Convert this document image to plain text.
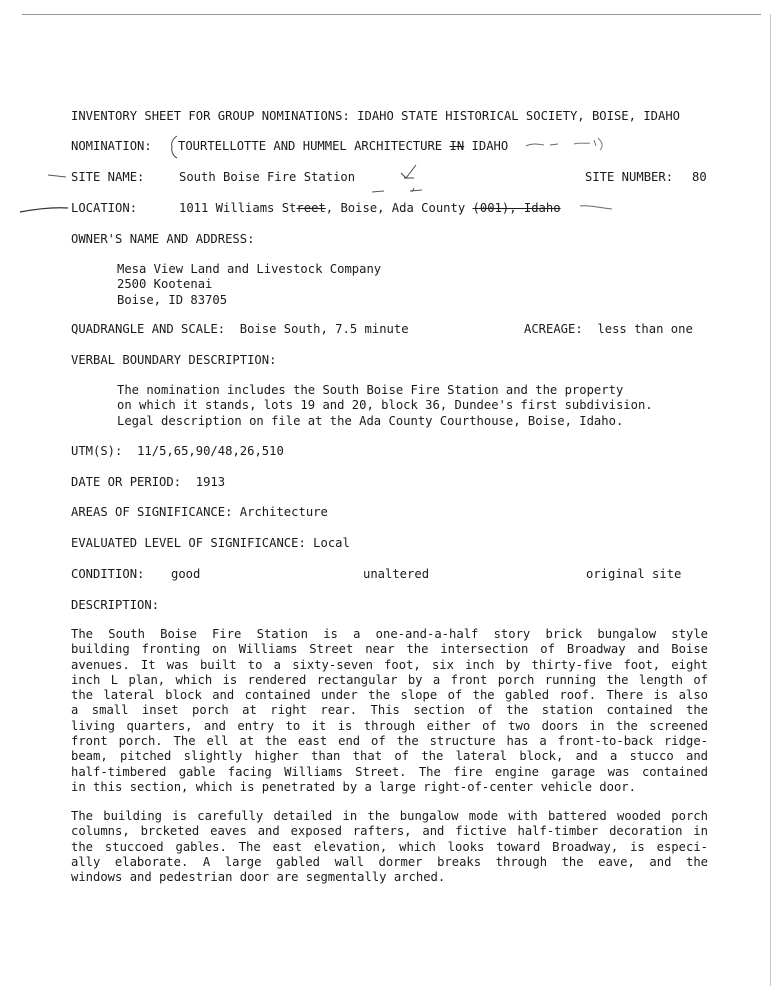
INVENTORY SHEET FOR GROUP NOMINATIONS: IDAHO STATE HISTORICAL SOCIETY, BOISE, IDAHO
NOMINATION: TOURTELLOTTE AND HUMMEL ARCHITECTURE IN IDAHO
SITE NAME:	South Boise Fire Station	SITE NUMBER: 80
LOCATION:	1011 Williams Street, Boise, Ada County (001), Idaho
OWNER'S NAME AND ADDRESS:
Mesa View Land and Livestock Company
2500 Kootenai
Boise, ID 83705
QUADRANGLE AND SCALE: Boise South, 7.5 minute	ACREAGE: less than one
VERBAL BOUNDARY DESCRIPTION:
The nomination includes the South Boise Fire Station and the property
on which it stands, lots 19 and 20, block 36, Dundee's first subdivision.
Legal description on file at the Ada County Courthouse, Boise, Idaho.
UTM(S): 11/5,65,90/48,26,510
DATE OR PERIOD: 1913
AREAS OF SIGNIFICANCE: Architecture
EVALUATED LEVEL OF SIGNIFICANCE: Local
CONDITION: good	unaltered	original site
DESCRIPTION:
The South Boise Fire Station is a one-and-a-half story brick bungalow style
building fronting on Williams Street near the intersection of Broadway and Boise
avenues. It was built to a sixty-seven foot, six inch by thirty-five foot, eight
inch L plan, which is rendered rectangular by a front porch running the length of
the lateral block and contained under the slope of the gabled roof. There is also
a small inset porch at right rear. This section of the station contained the
living quarters, and entry to it is through either of two doors in the screened
front porch. The ell at the east end of the structure has a front-to-back ridge-
beam, pitched slightly higher than that of the lateral block, and a stucco and
half-timbered gable facing Williams Street. The fire engine garage was contained
in this section, which is penetrated by a large right-of-center vehicle door.
The building is carefully detailed in the bungalow mode with battered wooded porch
columns, brcketed eaves and exposed rafters, and fictive half-timber decoration in
the stuccoed gables. The east elevation, which looks toward Broadway, is especi-
ally elaborate. A large gabled wall dormer breaks through the eave, and the
windows and pedestrian door are segmentally arched.
